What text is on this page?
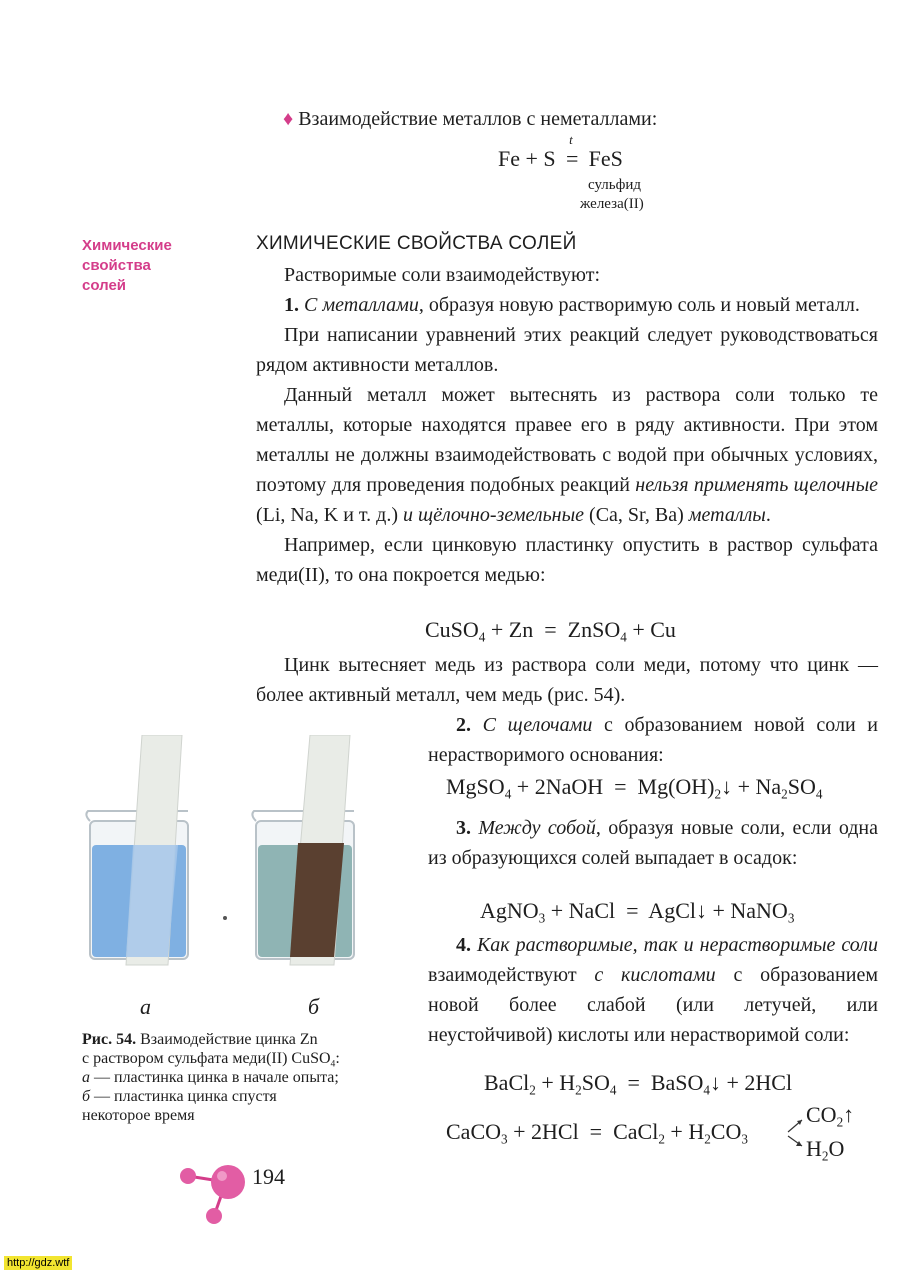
♦ Взаимодействие металлов с неметаллами:
Fe + S =
t
FeS
сульфид
железа(II)
Химические
свойства
солей
ХИМИЧЕСКИЕ СВОЙСТВА СОЛЕЙ
Растворимые соли взаимодействуют:
1. С металлами, образуя новую растворимую соль и новый металл.
При написании уравнений этих реакций следует руководствоваться рядом активности металлов.
Данный металл может вытеснять из раствора соли только те металлы, которые находятся правее его в ряду активности. При этом металлы не должны взаимодействовать с водой при обычных условиях, поэтому для проведения подобных реакций нельзя применять щелочные (Li, Na, K и т. д.) и щёлочно-земельные (Ca, Sr, Ba) металлы.
Например, если цинковую пластинку опустить в раствор сульфата меди(II), то она покроется медью:
CuSO$_4$ + Zn  =  ZnSO$_4$ + Cu
Цинк вытесняет медь из раствора соли меди, потому что цинк — более активный металл, чем медь (рис. 54).
2. С щелочами с образованием новой соли и нерастворимого основания:
MgSO$_4$ + 2NaOH  =  $Mg(OH)_2↓ + Na_2SO_4$
3. Между собой, образуя новые соли, если одна из образующихся солей выпадает в осадок:
AgNO$_3$ + NaCl  =  AgCl↓ + NaNO$_3$
4. Как растворимые, так и нерастворимые соли взаимодействуют с кислотами с образованием новой более слабой (или летучей, или неустойчивой) кислоты или нерастворимой соли:
BaCl$_2$ + $H_2SO_4$  =  BaSO$_4$↓ + 2HCl
CaCO$_3$ + 2HCl  =  CaCl$_2$ + $H_2CO_3$
$CO_2↑$
$H_2O$
а	б
Рис. 54. Взаимодействие цинка Zn
с раствором сульфата меди(II) CuSO$_4$:
а — пластинка цинка в начале опыта;
б — пластинка цинка спустя
некоторое время
194
http://gdz.wtf
